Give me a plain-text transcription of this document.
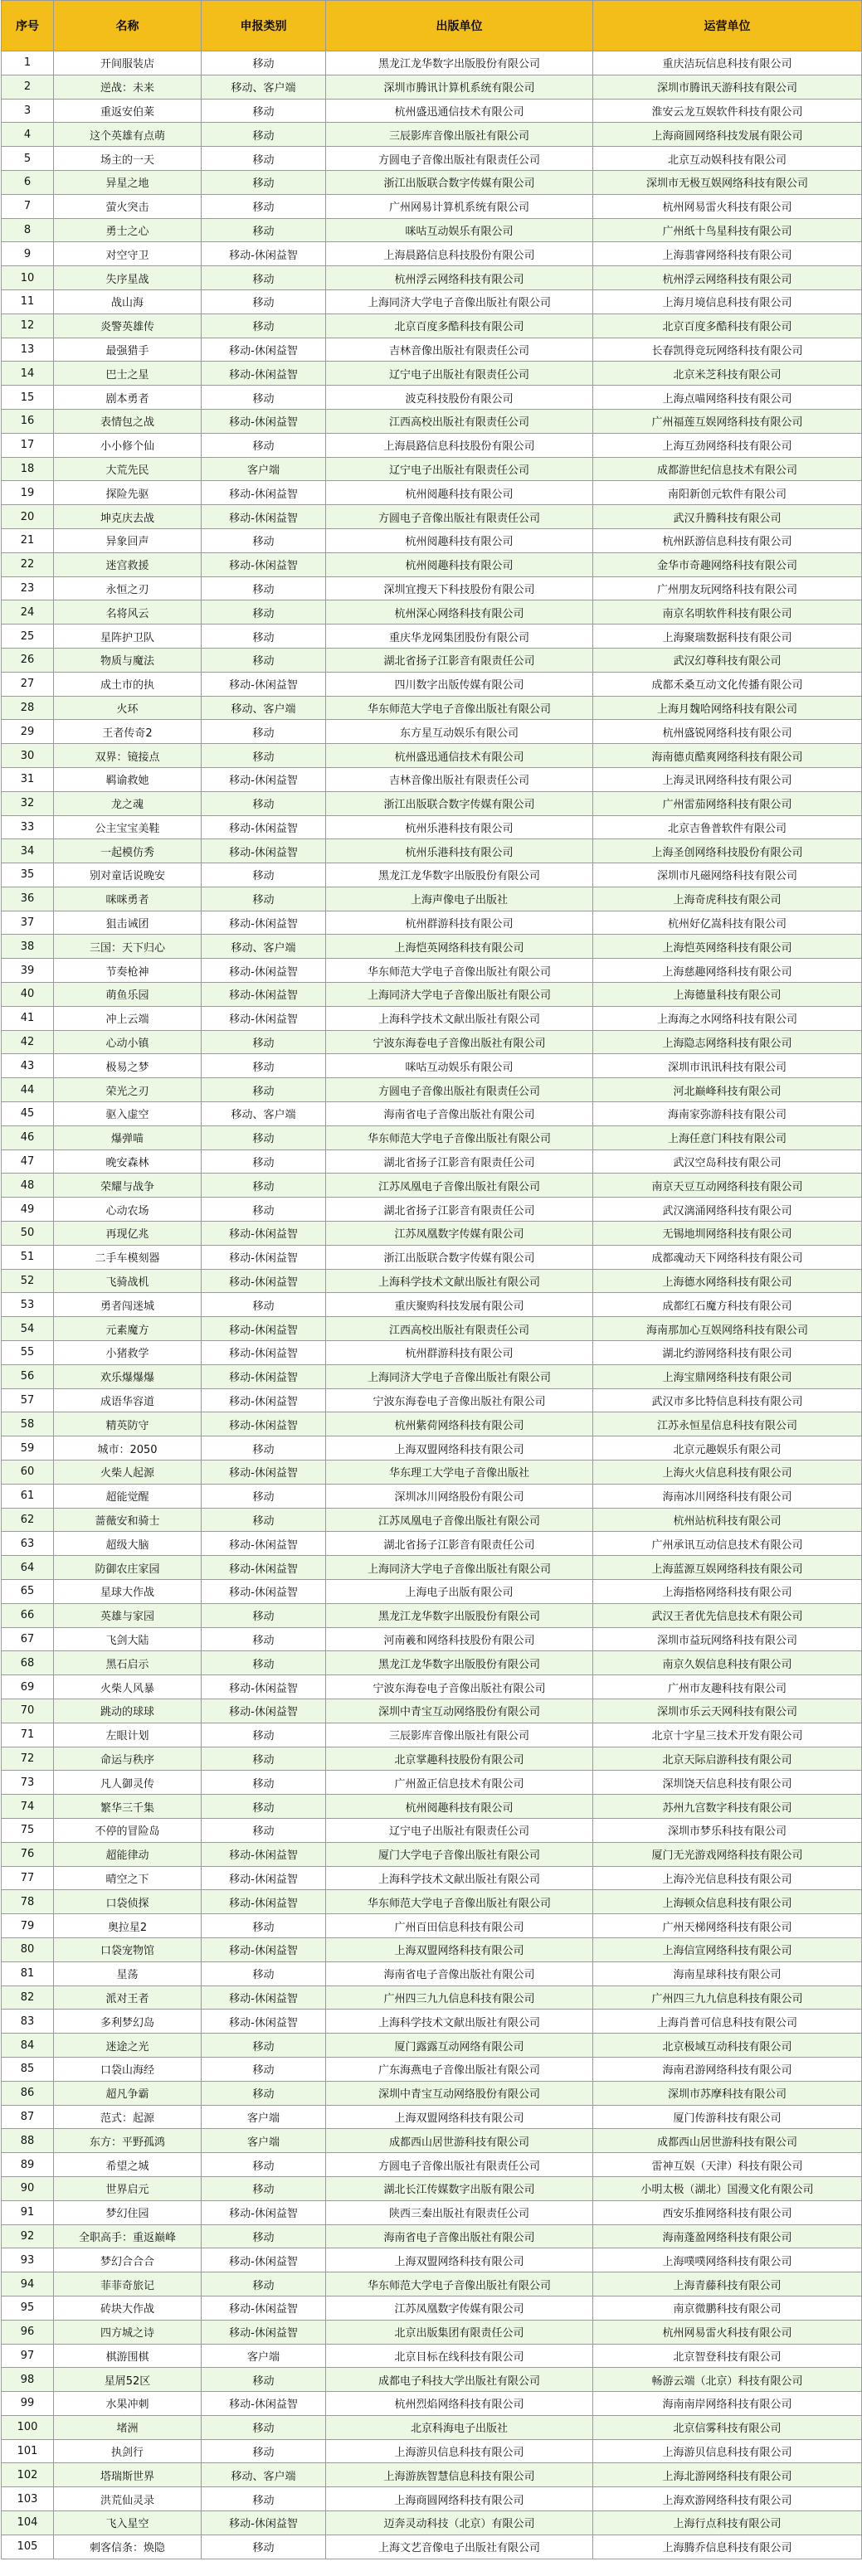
序号	名称	申报类别	出版单位	运营单位
1	开间服装店	移动	黑龙江龙华数字出版股份有限公司	重庆洁玩信息科技有限公司
2	逆战：未来	移动、客户端	深圳市腾讯计算机系统有限公司	深圳市腾讯天游科技有限公司
3	重返安伯莱	移动	杭州盛迅通信技术有限公司	淮安云龙互娱软件科技有限公司
4	这个英雄有点萌	移动	三辰影库音像出版社有限公司	上海商圆网络科技发展有限公司
5	场主的一天	移动	方圆电子音像出版社有限责任公司	北京互动娱科技有限公司
6	异星之地	移动	浙江出版联合数字传媒有限公司	深圳市无极互娱网络科技有限公司
7	萤火突击	移动	广州网易计算机系统有限公司	杭州网易雷火科技有限公司
8	勇士之心	移动	咪咕互动娱乐有限公司	广州纸十鸟星科技有限公司
9	对空守卫	移动-休闲益智	上海晨路信息科技股份有限公司	上海翡睿网络科技有限公司
10	失序星战	移动	杭州浮云网络科技有限公司	杭州浮云网络科技有限公司
11	战山海	移动	上海同济大学电子音像出版社有限公司	上海月境信息科技有限公司
12	炎警英雄传	移动	北京百度多酷科技有限公司	北京百度多酷科技有限公司
13	最强猎手	移动-休闲益智	吉林音像出版社有限责任公司	长春凯得竞玩网络科技有限公司
14	巴士之星	移动-休闲益智	辽宁电子出版社有限责任公司	北京米芝科技有限公司
15	剧本勇者	移动	波克科技股份有限公司	上海点喵网络科技有限公司
16	表情包之战	移动-休闲益智	江西高校出版社有限责任公司	广州福莲互娱网络科技有限公司
17	小小修个仙	移动	上海晨路信息科技股份有限公司	上海互劲网络科技有限公司
18	大荒先民	客户端	辽宁电子出版社有限责任公司	成都游世纪信息技术有限公司
19	探险先驱	移动-休闲益智	杭州阅趣科技有限公司	南阳新创元软件有限公司
20	坤克庆去战	移动-休闲益智	方圆电子音像出版社有限责任公司	武汉升腾科技有限公司
21	异象回声	移动	杭州阅趣科技有限公司	杭州跃游信息科技有限公司
22	迷宫救援	移动-休闲益智	杭州阅趣科技有限公司	金华市奇趣网络科技有限公司
23	永恒之刃	移动	深圳宜搜天下科技股份有限公司	广州朋友玩网络科技有限公司
24	名将风云	移动	杭州深心网络科技有限公司	南京名明软件科技有限公司
25	星阵护卫队	移动	重庆华龙网集团股份有限公司	上海聚瑞数据科技有限公司
26	物质与魔法	移动	湖北省扬子江影音有限责任公司	武汉幻尊科技有限公司
27	成土市的执	移动-休闲益智	四川数字出版传媒有限公司	成都禾桑互动文化传播有限公司
28	火环	移动、客户端	华东师范大学电子音像出版社有限公司	上海月魏哈网络科技有限公司
29	王者传奇2	移动	东方星互动娱乐有限公司	杭州盛锐网络科技有限公司
30	双界：镜接点	移动	杭州盛迅通信技术有限公司	海南德贞酷爽网络科技有限公司
31	羁谕救她	移动-休闲益智	吉林音像出版社有限责任公司	上海灵讯网络科技有限公司
32	龙之魂	移动	浙江出版联合数字传媒有限公司	广州雷茄网络科技有限公司
33	公主宝宝美鞋	移动-休闲益智	杭州乐港科技有限公司	北京吉鲁普软件有限公司
34	一起模仿秀	移动-休闲益智	杭州乐港科技有限公司	上海圣创网络科技股份有限公司
35	别对童话说晚安	移动	黑龙江龙华数字出版股份有限公司	深圳市凡磁网络科技有限公司
36	咪咪勇者	移动	上海声像电子出版社	上海奇虎科技有限公司
37	狙击诫团	移动-休闲益智	杭州群游科技有限公司	杭州好亿嵩科技有限公司
38	三国：天下归心	移动、客户端	上海恺英网络科技有限公司	上海恺英网络科技有限公司
39	节奏枪神	移动-休闲益智	华东师范大学电子音像出版社有限公司	上海慈趣网络科技有限公司
40	萌鱼乐园	移动-休闲益智	上海同济大学电子音像出版社有限公司	上海德量科技有限公司
41	冲上云端	移动-休闲益智	上海科学技术文献出版社有限公司	上海海之水网络科技有限公司
42	心动小镇	移动	宁波东海卷电子音像出版社有限公司	上海隐志网络科技有限公司
43	极易之梦	移动	咪咕互动娱乐有限公司	深圳市讯讯科技有限公司
44	荣光之刃	移动	方圆电子音像出版社有限责任公司	河北巅峰科技有限公司
45	驱入虚空	移动、客户端	海南省电子音像出版社有限公司	海南家弥游科技有限公司
46	爆弹喵	移动	华东师范大学电子音像出版社有限公司	上海任意门科技有限公司
47	晚安森林	移动	湖北省扬子江影音有限责任公司	武汉空岛科技有限公司
48	荣耀与战争	移动	江苏凤凰电子音像出版社有限公司	南京天豆互动网络科技有限公司
49	心动农场	移动	湖北省扬子江影音有限责任公司	武汉漓涌网络科技有限公司
50	再现亿兆	移动-休闲益智	江苏凤凰数字传媒有限公司	无锡地圳网络科技有限公司
51	二手车模刻器	移动-休闲益智	浙江出版联合数字传媒有限公司	成都魂动天下网络科技有限公司
52	飞骑战机	移动-休闲益智	上海科学技术文献出版社有限公司	上海德水网络科技有限公司
53	勇者闯迷城	移动	重庆聚购科技发展有限公司	成都红石魔方科技有限公司
54	元素魔方	移动-休闲益智	江西高校出版社有限责任公司	海南那加心互娱网络科技有限公司
55	小猪救学	移动-休闲益智	杭州群游科技有限公司	湖北约游网络科技有限公司
56	欢乐爆爆爆	移动-休闲益智	上海同济大学电子音像出版社有限公司	上海宝鼎网络科技有限公司
57	成语华容道	移动-休闲益智	宁波东海卷电子音像出版社有限公司	武汉市多比特信息科技有限公司
58	精英防守	移动-休闲益智	杭州紫荷网络科技有限公司	江苏永恒星信息科技有限公司
59	城市：2050	移动	上海双盟网络科技有限公司	北京元趣娱乐有限公司
60	火柴人起源	移动-休闲益智	华东理工大学电子音像出版社	上海火火信息科技有限公司
61	超能觉醒	移动	深圳冰川网络股份有限公司	海南冰川网络科技有限公司
62	蔷薇安和骑士	移动	江苏凤凰电子音像出版社有限公司	杭州站杭科技有限公司
63	超级大脑	移动-休闲益智	湖北省扬子江影音有限责任公司	广州承讯互动信息技术有限公司
64	防御农庄家园	移动-休闲益智	上海同济大学电子音像出版社有限公司	上海蓝源互娱网络科技有限公司
65	星球大作战	移动-休闲益智	上海电子出版有限公司	上海指格网络科技有限公司
66	英雄与家园	移动	黑龙江龙华数字出版股份有限公司	武汉王者优先信息技术有限公司
67	飞剑大陆	移动	河南羲和网络科技股份有限公司	深圳市益玩网络科技有限公司
68	黑石启示	移动	黑龙江龙华数字出版股份有限公司	南京久娱信息科技有限公司
69	火柴人风暴	移动-休闲益智	宁波东海卷电子音像出版社有限公司	广州市友趣科技有限公司
70	跳动的球球	移动-休闲益智	深圳中青宝互动网络股份有限公司	深圳市乐云天网科技有限公司
71	左眼计划	移动	三辰影库音像出版社有限公司	北京十字星三技术开发有限公司
72	命运与秩序	移动	北京掌趣科技股份有限公司	北京天际启游科技有限公司
73	凡人御灵传	移动	广州盈正信息技术有限公司	深圳饶天信息科技有限公司
74	繁华三千集	移动	杭州阅趣科技有限公司	苏州九宫数字科技有限公司
75	不停的冒险岛	移动	辽宁电子出版社有限责任公司	深圳市梦乐科技有限公司
76	超能律动	移动-休闲益智	厦门大学电子音像出版社有限公司	厦门无光游戏网络科技有限公司
77	晴空之下	移动-休闲益智	上海科学技术文献出版社有限公司	上海冷光信息科技有限公司
78	口袋侦探	移动-休闲益智	华东师范大学电子音像出版社有限公司	上海顿众信息科技有限公司
79	奥拉星2	移动	广州百田信息科技有限公司	广州天梯网络科技有限公司
80	口袋宠物馆	移动-休闲益智	上海双盟网络科技有限公司	上海信宣网络科技有限公司
81	星荡	移动	海南省电子音像出版社有限公司	海南星球科技有限公司
82	派对王者	移动-休闲益智	广州四三九九信息科技有限公司	广州四三九九信息科技有限公司
83	多利梦幻岛	移动-休闲益智	上海科学技术文献出版社有限公司	上海肖普可信息科技有限公司
84	迷途之光	移动	厦门露露互动网络有限公司	北京极域互动科技有限公司
85	口袋山海经	移动	广东海燕电子音像出版社有限公司	海南君游网络科技有限公司
86	超凡争霸	移动	深圳中青宝互动网络股份有限公司	深圳市苏摩科技有限公司
87	范式：起源	客户端	上海双盟网络科技有限公司	厦门传游科技有限公司
88	东方：平野孤鸿	客户端	成都西山居世游科技有限公司	成都西山居世游科技有限公司
89	希望之城	移动	方圆电子音像出版社有限责任公司	雷神互娱（天津）科技有限公司
90	世界启元	移动	湖北长江传媒数字出版有限公司	小明太极（湖北）国漫文化有限公司
91	梦幻住园	移动-休闲益智	陕西三秦出版社有限责任公司	西安乐推网络科技有限公司
92	全职高手：重返巅峰	移动	海南省电子音像出版社有限公司	海南蓬盈网络科技有限公司
93	梦幻合合合	移动-休闲益智	上海双盟网络科技有限公司	上海噗噗网络科技有限公司
94	菲菲奇旅记	移动	华东师范大学电子音像出版社有限公司	上海青藤科技有限公司
95	砖块大作战	移动-休闲益智	江苏凤凰数字传媒有限公司	南京微鹏科技有限公司
96	四方城之诗	移动-休闲益智	北京出版集团有限责任公司	杭州网易雷火科技有限公司
97	棋游围棋	客户端	北京目标在线科技有限公司	北京智登科技有限公司
98	星屑52区	移动	成都电子科技大学出版社有限公司	畅游云端（北京）科技有限公司
99	水果冲刺	移动-休闲益智	杭州烈焰网络科技有限公司	海南南岸网络科技有限公司
100	堵洲	移动	北京科海电子出版社	北京信雾科技有限公司
101	执剑行	移动	上海游贝信息科技有限公司	上海游贝信息科技有限公司
102	塔瑞斯世界	移动、客户端	上海游族智慧信息科技有限公司	上海北游网络科技有限公司
103	洪荒仙灵录	移动	上海商圆网络科技有限公司	上海欢游网络科技有限公司
104	飞入星空	移动-休闲益智	迈奔灵动科技（北京）有限公司	上海行点科技有限公司
105	刺客信条：焕隐	移动	上海文艺音像电子出版社有限公司	上海腾乔信息科技有限公司
